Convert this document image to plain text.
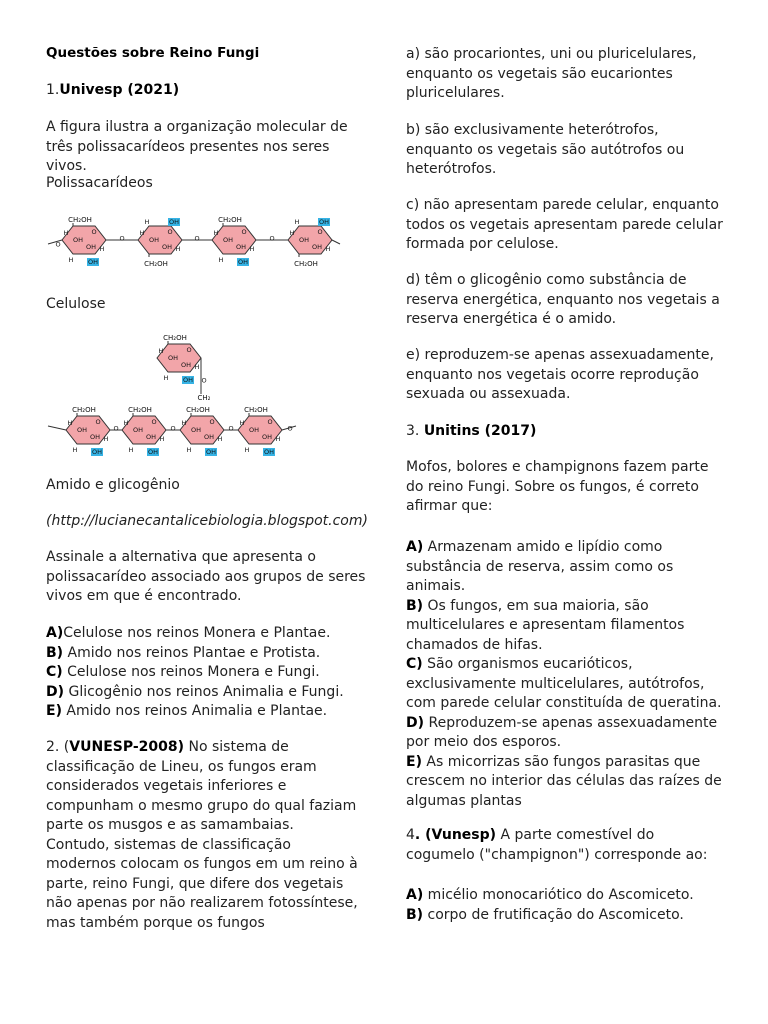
Questões sobre Reino Fungi

1.Univesp (2021)

A figura ilustra a organização molecular de três polissacarídeos presentes nos seres vivos.

Polissacarídeos

Celulose

Amido e glicogênio

(http://lucianecantalicebiologia.blogspot.com)

Assinale a alternativa que apresenta o polissacarídeo associado aos grupos de seres vivos em que é encontrado.

A)Celulose nos reinos Monera e Plantae.
B) Amido nos reinos Plantae e Protista.
C) Celulose nos reinos Monera e Fungi.
D) Glicogênio nos reinos Animalia e Fungi.
E) Amido nos reinos Animalia e Plantae.

2. (VUNESP-2008) No sistema de classificação de Lineu, os fungos eram considerados vegetais inferiores e compunham o mesmo grupo do qual faziam parte os musgos e as samambaias. Contudo, sistemas de classificação modernos colocam os fungos em um reino à parte, reino Fungi, que difere dos vegetais não apenas por não realizarem fotossíntese, mas também porque os fungos

O
O
OH
OH
H
H
CH₂OH
H OH
O
O
OH
OH
H
H
CH₂OH
H	OH
O
O
OH
OH
H
H
CH₂OH
H OH
O
O
OH
OH
H
H
CH₂OH
H	OH
O
OH
OH
H
H
CH₂OH
H OH
O
O
OH
OH
H
H
CH₂OH
H OH
O
O
OH
OH
H
H
CH₂OH
H OH
O
O
OH
OH
H
H
CH₂OH
H OH
O
O
OH
OH
H
H
CH₂OH
H OH O
CH₂

a) são procariontes, uni ou pluricelulares, enquanto os vegetais são eucariontes pluricelulares.

b) são exclusivamente heterótrofos, enquanto os vegetais são autótrofos ou heterótrofos.

c) não apresentam parede celular, enquanto todos os vegetais apresentam parede celular formada por celulose.

d) têm o glicogênio como substância de reserva energética, enquanto nos vegetais a reserva energética é o amido.

e) reproduzem-se apenas assexuadamente, enquanto nos vegetais ocorre reprodução sexuada ou assexuada.

3. Unitins (2017)

Mofos, bolores e champignons fazem parte do reino Fungi. Sobre os fungos, é correto afirmar que:

A) Armazenam amido e lipídio como substância de reserva, assim como os animais.
B) Os fungos, em sua maioria, são multicelulares e apresentam filamentos chamados de hifas.
C) São organismos eucarióticos, exclusivamente multicelulares, autótrofos, com parede celular constituída de queratina.
D) Reproduzem-se apenas assexuadamente por meio dos esporos.
E) As micorrizas são fungos parasitas que crescem no interior das células das raízes de algumas plantas

4. (Vunesp) A parte comestível do cogumelo ("champignon") corresponde ao:

A) micélio monocariótico do Ascomiceto.
B) corpo de frutificação do Ascomiceto.
